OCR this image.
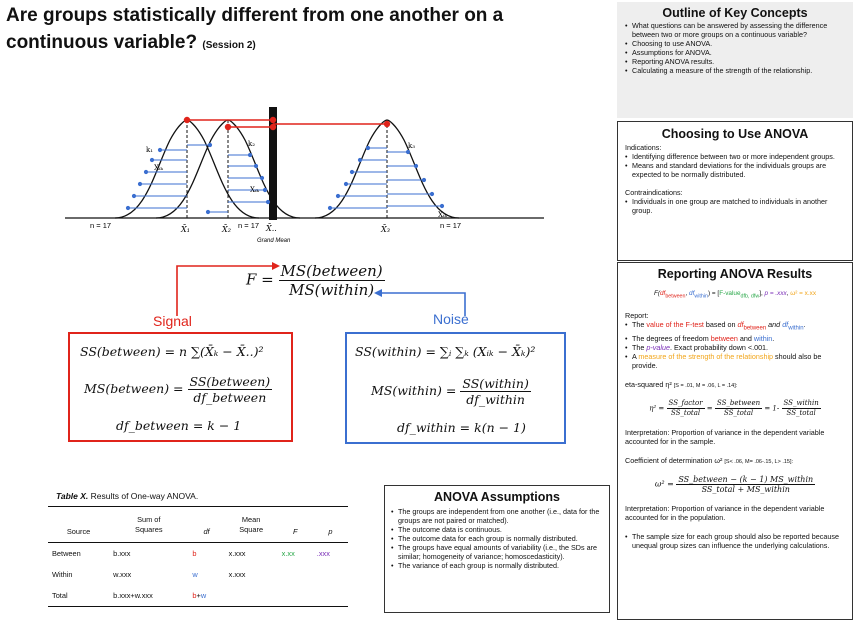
Are groups statistically different from one another on a continuous variable? (Session 2)
k₁
k₂	k₃
Xᵢₖ
Xᵢₖ
Xᵢₖ
n = 17	n = 17	n = 17
X̄₁	X̄₂	X̄..
Grand Mean
X̄₃
$F = \frac{\text{MS(between)}}{\text{MS(within)}}$
Signal	Noise
SS(between) = n ∑(X̄ₖ − X̄..)²
MS(between) = $\frac{\text{SS(between)}}{\text{df\_between}}$
df_between = k − 1
SS(within) = ∑ᵢ ∑ₖ (Xᵢₖ − X̄ₖ)²
MS(within) = $\frac{\text{SS(within)}}{\text{df\_within}}$
df_within = k(n − 1)
Table X. Results of One-way ANOVA.
Source	Sum of
Squares	df	Mean
Square	F	p
Between	b.xxx	b	x.xxx	x.xx	.xxx
Within	w.xxx	w	x.xxx		
Total	b.xxx+w.xxx	b+w			
ANOVA Assumptions
• The groups are independent from one another (i.e., data for the groups are not paired or matched).
• The outcome data is continuous.
• The outcome data for each group is normally distributed.
• The groups have equal amounts of variability (i.e., the SDs are similar; homogeneity of variance; homoscedasticity).
• The variance of each group is normally distributed.
Outline of Key Concepts
• What questions can be answered by assessing the difference between two or more groups on a continuous variable?
• Choosing to use ANOVA.
• Assumptions for ANOVA.
• Reporting ANOVA results.
• Calculating a measure of the strength of the relationship.
Choosing to Use ANOVA
Indications:
• Identifying difference between two or more independent groups.
• Means and standard deviations for the individuals groups are expected to be normally distributed.
Contraindications:
• Individuals in one group are matched to individuals in another group.
Reporting ANOVA Results
$F(df_{between}$, $df_{within}$) = [F-value$_{dfb, dfw}$], p = .xxx, ω² = x.xx
Report:
• The value of the F-test based on $df_{between}$ and $df_{within}$.
• The degrees of freedom between and within.
• The p-value. Exact probability down <.001.
• A measure of the strength of the relationship should also be provide.
eta-squared η² [S = .01, M = .06, L = .14]:
$\eta^2 = \frac{\text{SS\_factor}}{\text{SS\_total}} = \frac{\text{SS\_between}}{\text{SS\_total}} = 1- \frac{\text{SS\_within}}{\text{SS\_total}}$
Interpretation: Proportion of variance in the dependent variable accounted for in the sample.
Coefficient of determination ω² [S< .06, M= .06-.15, L> .15]:
$\omega^2 = \frac{\text{SS\_between − (k − 1) MS\_within}}{\text{SS\_total + MS\_within}}$
Interpretation: Proportion of variance in the dependent variable accounted for in the population.
• The sample size for each group should also be reported because unequal group sizes can influence the underlying calculations.
